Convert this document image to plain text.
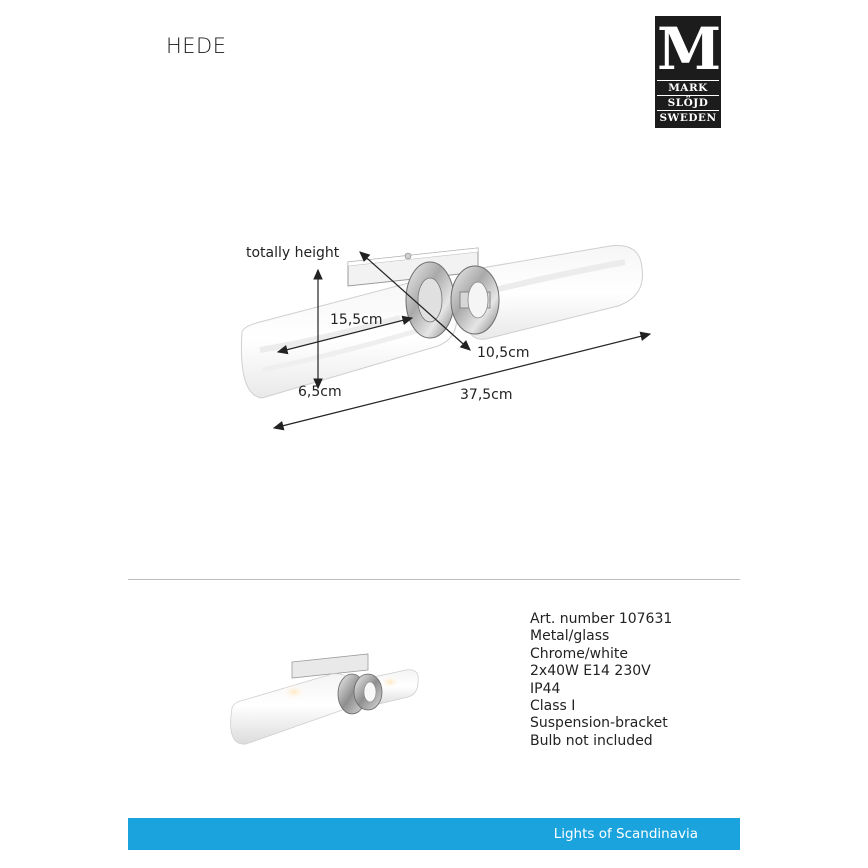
HEDE	M
MARK
SLÖJD
SWEDEN
totally height
15,5cm
10,5cm
6,5cm	37,5cm
Art. number 107631
Metal/glass
Chrome/white
2x40W E14 230V
IP44
Class I
Suspension-bracket
Bulb not included
Lights of Scandinavia
